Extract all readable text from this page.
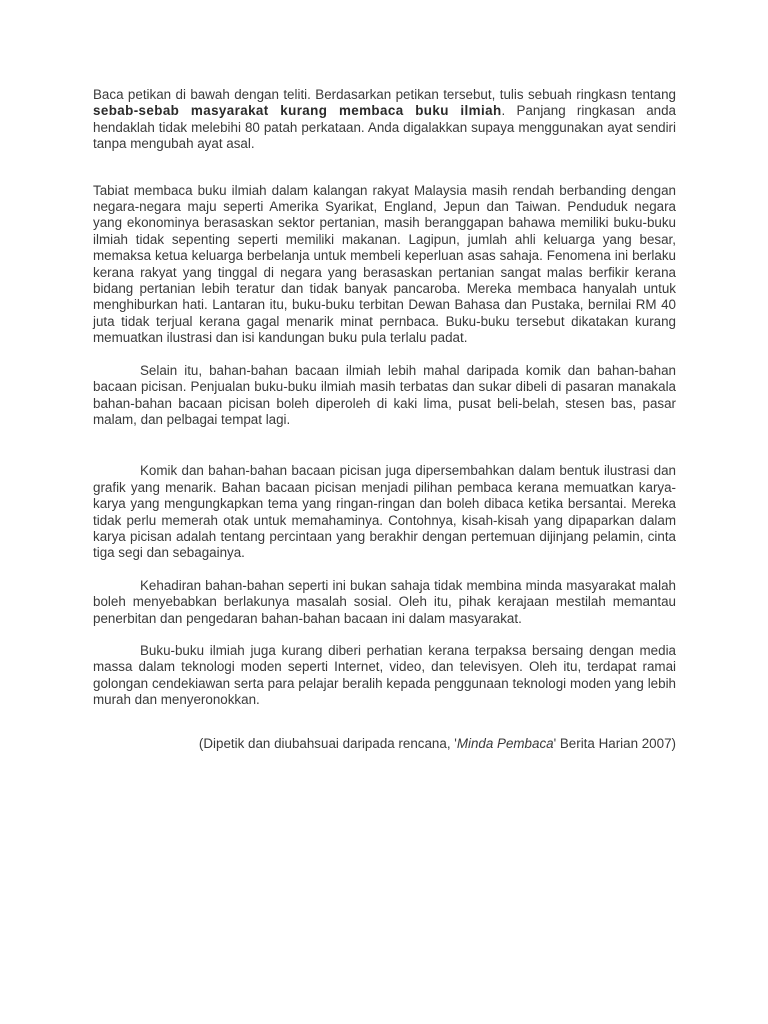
Baca petikan di bawah dengan teliti. Berdasarkan petikan tersebut, tulis sebuah ringkasn tentang sebab-sebab masyarakat kurang membaca buku ilmiah. Panjang ringkasan anda hendaklah tidak melebihi 80 patah perkataan. Anda digalakkan supaya menggunakan ayat sendiri tanpa mengubah ayat asal.

Tabiat membaca buku ilmiah dalam kalangan rakyat Malaysia masih rendah berbanding dengan negara-negara maju seperti Amerika Syarikat, England, Jepun dan Taiwan. Penduduk negara yang ekonominya berasaskan sektor pertanian, masih beranggapan bahawa memiliki buku-buku ilmiah tidak sepenting seperti memiliki makanan. Lagipun, jumlah ahli keluarga yang besar, memaksa ketua keluarga berbelanja untuk membeli keperluan asas sahaja. Fenomena ini berlaku kerana rakyat yang tinggal di negara yang berasaskan pertanian sangat malas berfikir kerana bidang pertanian lebih teratur dan tidak banyak pancaroba. Mereka membaca hanyalah untuk menghiburkan hati. Lantaran itu, buku-buku terbitan Dewan Bahasa dan Pustaka, bernilai RM 40 juta tidak terjual kerana gagal menarik minat pernbaca. Buku-buku tersebut dikatakan kurang memuatkan ilustrasi dan isi kandungan buku pula terlalu padat.

Selain itu, bahan-bahan bacaan ilmiah lebih mahal daripada komik dan bahan-bahan bacaan picisan. Penjualan buku-buku ilmiah masih terbatas dan sukar dibeli di pasaran manakala bahan-bahan bacaan picisan boleh diperoleh di kaki lima, pusat beli-belah, stesen bas, pasar malam, dan pelbagai tempat lagi.

Komik dan bahan-bahan bacaan picisan juga dipersembahkan dalam bentuk ilustrasi dan grafik yang menarik. Bahan bacaan picisan menjadi pilihan pembaca kerana memuatkan karya-karya yang mengungkapkan tema yang ringan-ringan dan boleh dibaca ketika bersantai. Mereka tidak perlu memerah otak untuk memahaminya. Contohnya, kisah-kisah yang dipaparkan dalam karya picisan adalah tentang percintaan yang berakhir dengan pertemuan dijinjang pelamin, cinta tiga segi dan sebagainya.

Kehadiran bahan-bahan seperti ini bukan sahaja tidak membina minda masyarakat malah boleh menyebabkan berlakunya masalah sosial. Oleh itu, pihak kerajaan mestilah memantau penerbitan dan pengedaran bahan-bahan bacaan ini dalam masyarakat.

Buku-buku ilmiah juga kurang diberi perhatian kerana terpaksa bersaing dengan media massa dalam teknologi moden seperti Internet, video, dan televisyen. Oleh itu, terdapat ramai golongan cendekiawan serta para pelajar beralih kepada penggunaan teknologi moden yang lebih murah dan menyeronokkan.

(Dipetik dan diubahsuai daripada rencana, 'Minda Pembaca' Berita Harian 2007)
